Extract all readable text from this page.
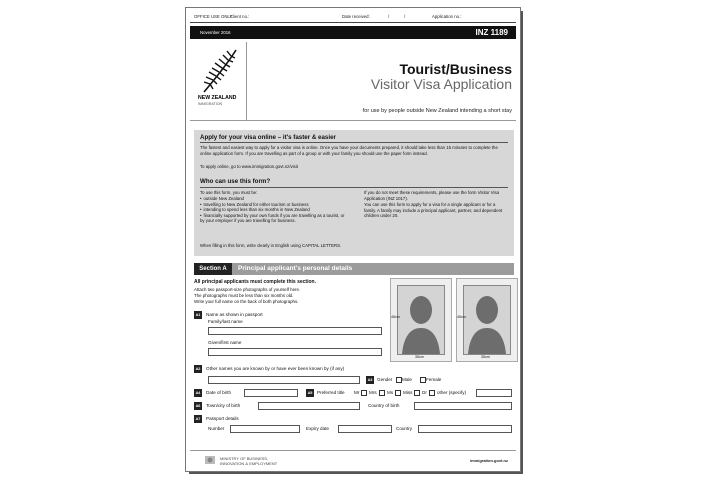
OFFICE USE ONLY
Client no.:	Date received:	/	/	Application no.:
November 2016	INZ 1189
NEW ZEALAND
IMMIGRATION
Tourist/Business
Visitor Visa Application
for use by people outside New Zealand intending a short stay
Apply for your visa online – it's faster & easier
The fastest and easiest way to apply for a visitor visa is online. Once you have your documents prepared, it should take less than 15 minutes to complete the online application form. If you are travelling as part of a group or with your family you should use the paper form instead.
To apply online, go to www.immigration.govt.nz/visit
Who can use this form?
To use this form, you must be:
• outside New Zealand
• travelling to New Zealand for either tourism or business
• intending to spend less than six months in New Zealand
• financially supported by your own funds if you are travelling as a tourist, or by your employer if you are travelling for business.
If you do not meet these requirements, please use the form Visitor Visa Application (INZ 1017).
You can use this form to apply for a visa for a single applicant or for a family. A family may include a principal applicant, partner, and dependent children under 20.
When filling in this form, write clearly in English using CAPITAL LETTERS.
Section A	Principal applicant's personal details
All principal applicants must complete this section.
Attach two passport-size photographs of yourself here.
The photographs must be less than six months old.
Write your full name on the back of both photographs.
45cm
35cm
45cm
35cm
A1	Name as shown in passport
Family/last name
Given/first name
A2	Other names you are known by or have ever been known by (if any)
A3 Gender Male	Female
A4	Date of birth	A5 Preferred title Mr Mrs Ms Miss Dr other (specify)
A6	Town/city of birth	Country of birth
A7	Passport details
Number	Expiry date	Country
MINISTRY OF BUSINESS, INNOVATION & EMPLOYMENT
immigration.govt.nz
